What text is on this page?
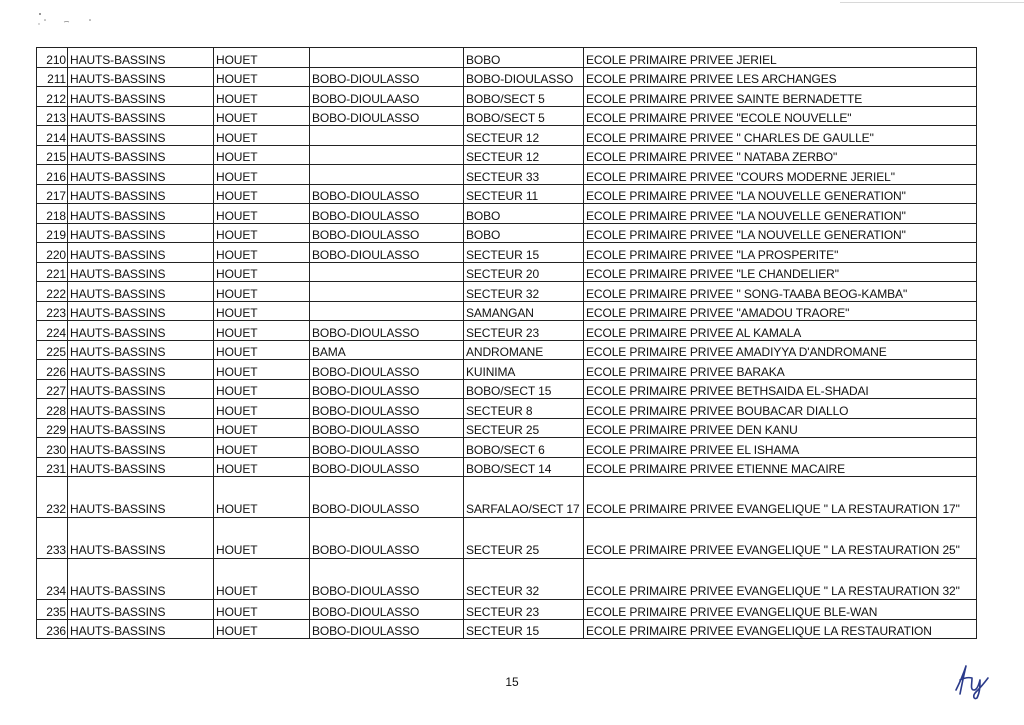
210	HAUTS-BASSINS	HOUET		BOBO	ECOLE PRIMAIRE PRIVEE JERIEL
211	HAUTS-BASSINS	HOUET	BOBO-DIOULASSO	BOBO-DIOULASSO	ECOLE PRIMAIRE PRIVEE LES ARCHANGES
212	HAUTS-BASSINS	HOUET	BOBO-DIOULAASO	BOBO/SECT 5	ECOLE PRIMAIRE PRIVEE SAINTE BERNADETTE
213	HAUTS-BASSINS	HOUET	BOBO-DIOULASSO	BOBO/SECT 5	ECOLE PRIMAIRE PRIVEE "ECOLE NOUVELLE"
214	HAUTS-BASSINS	HOUET		SECTEUR 12	ECOLE PRIMAIRE PRIVEE " CHARLES DE GAULLE"
215	HAUTS-BASSINS	HOUET		SECTEUR 12	ECOLE PRIMAIRE PRIVEE " NATABA ZERBO"
216	HAUTS-BASSINS	HOUET		SECTEUR 33	ECOLE PRIMAIRE PRIVEE "COURS MODERNE JERIEL"
217	HAUTS-BASSINS	HOUET	BOBO-DIOULASSO	SECTEUR 11	ECOLE PRIMAIRE PRIVEE "LA NOUVELLE GENERATION"
218	HAUTS-BASSINS	HOUET	BOBO-DIOULASSO	BOBO	ECOLE PRIMAIRE PRIVEE "LA NOUVELLE GENERATION"
219	HAUTS-BASSINS	HOUET	BOBO-DIOULASSO	BOBO	ECOLE PRIMAIRE PRIVEE "LA NOUVELLE GENERATION"
220	HAUTS-BASSINS	HOUET	BOBO-DIOULASSO	SECTEUR 15	ECOLE PRIMAIRE PRIVEE "LA PROSPERITE"
221	HAUTS-BASSINS	HOUET		SECTEUR 20	ECOLE PRIMAIRE PRIVEE "LE CHANDELIER"
222	HAUTS-BASSINS	HOUET		SECTEUR 32	ECOLE PRIMAIRE PRIVEE " SONG-TAABA BEOG-KAMBA"
223	HAUTS-BASSINS	HOUET		SAMANGAN	ECOLE PRIMAIRE PRIVEE "AMADOU TRAORE"
224	HAUTS-BASSINS	HOUET	BOBO-DIOULASSO	SECTEUR 23	ECOLE PRIMAIRE PRIVEE AL KAMALA
225	HAUTS-BASSINS	HOUET	BAMA	ANDROMANE	ECOLE PRIMAIRE PRIVEE AMADIYYA D'ANDROMANE
226	HAUTS-BASSINS	HOUET	BOBO-DIOULASSO	KUINIMA	ECOLE PRIMAIRE PRIVEE BARAKA
227	HAUTS-BASSINS	HOUET	BOBO-DIOULASSO	BOBO/SECT 15	ECOLE PRIMAIRE PRIVEE BETHSAIDA EL-SHADAI
228	HAUTS-BASSINS	HOUET	BOBO-DIOULASSO	SECTEUR 8	ECOLE PRIMAIRE PRIVEE BOUBACAR DIALLO
229	HAUTS-BASSINS	HOUET	BOBO-DIOULASSO	SECTEUR 25	ECOLE PRIMAIRE PRIVEE DEN KANU
230	HAUTS-BASSINS	HOUET	BOBO-DIOULASSO	BOBO/SECT 6	ECOLE PRIMAIRE PRIVEE EL ISHAMA
231	HAUTS-BASSINS	HOUET	BOBO-DIOULASSO	BOBO/SECT 14	ECOLE PRIMAIRE PRIVEE ETIENNE MACAIRE
232	HAUTS-BASSINS	HOUET	BOBO-DIOULASSO	SARFALAO/SECT 17	ECOLE PRIMAIRE PRIVEE EVANGELIQUE " LA RESTAURATION 17"
233	HAUTS-BASSINS	HOUET	BOBO-DIOULASSO	SECTEUR 25	ECOLE PRIMAIRE PRIVEE EVANGELIQUE " LA RESTAURATION 25"
234	HAUTS-BASSINS	HOUET	BOBO-DIOULASSO	SECTEUR 32	ECOLE PRIMAIRE PRIVEE EVANGELIQUE " LA RESTAURATION 32"
235	HAUTS-BASSINS	HOUET	BOBO-DIOULASSO	SECTEUR 23	ECOLE PRIMAIRE PRIVEE EVANGELIQUE BLE-WAN
236	HAUTS-BASSINS	HOUET	BOBO-DIOULASSO	SECTEUR 15	ECOLE PRIMAIRE PRIVEE EVANGELIQUE LA RESTAURATION
15
